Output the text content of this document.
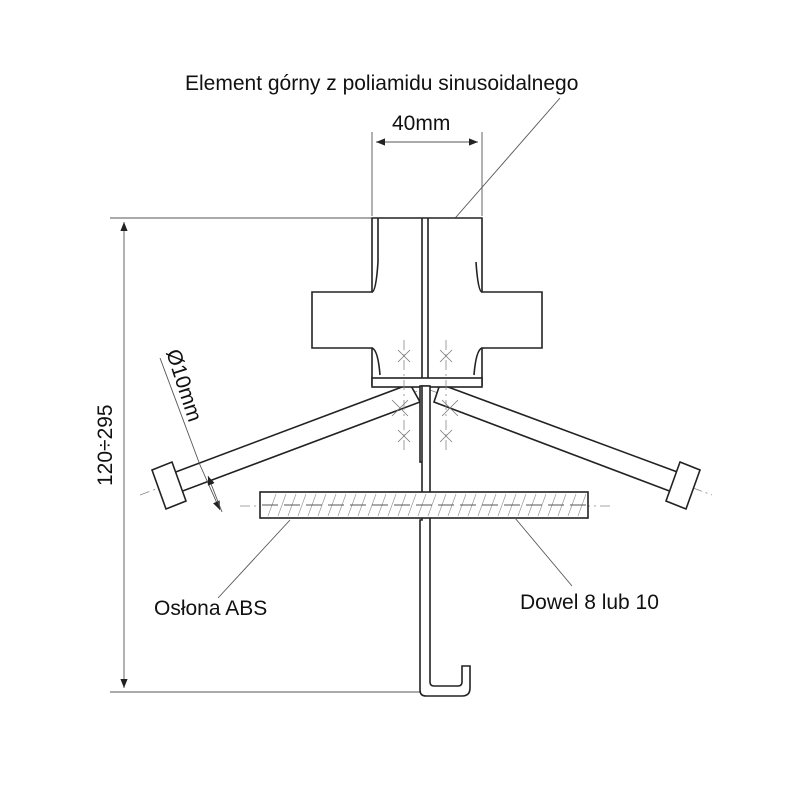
Element górny z poliamidu sinusoidalnego
40mm
Ø10mm
120÷295
Osłona ABS	Dowel 8 lub 10
